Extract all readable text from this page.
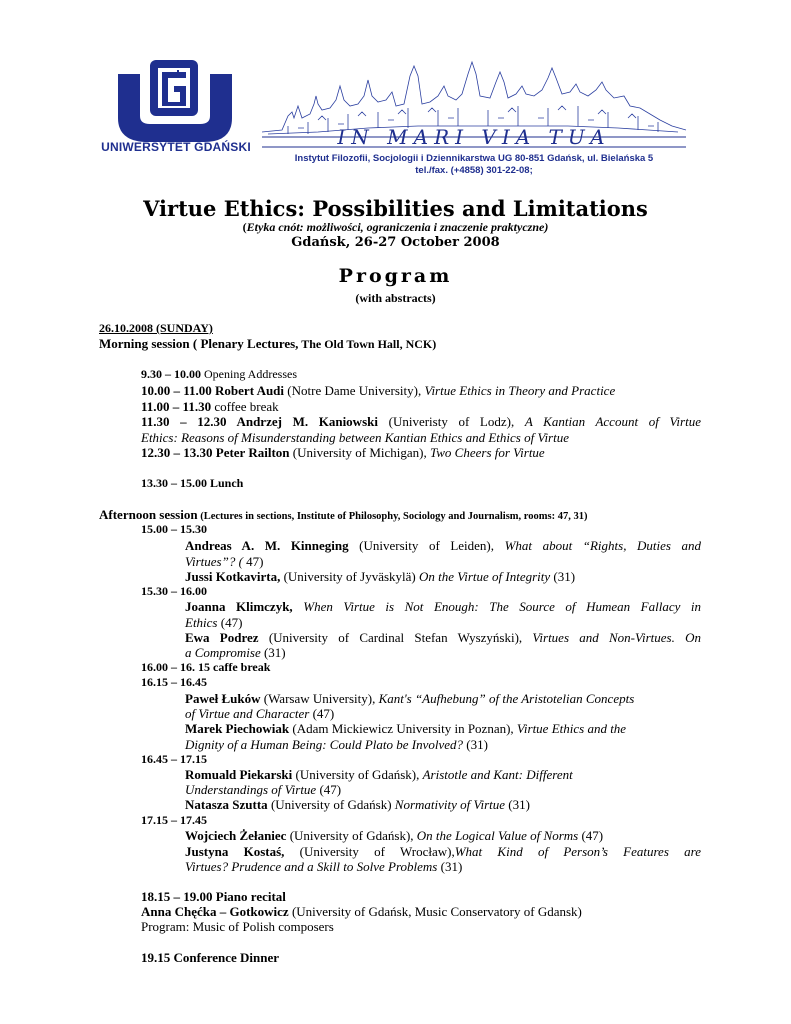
UNIWERSYTET GDAŃSKI	IN MARI VIA TUA
Instytut Filozofii, Socjologii i Dziennikarstwa UG 80-851 Gdańsk, ul. Bielańska 5
tel./fax. (+4858) 301-22-08;
Virtue Ethics: Possibilities and Limitations
(Etyka cnót: możliwości, ograniczenia i znaczenie praktyczne)
Gdańsk, 26-27 October 2008
Program
(with abstracts)
26.10.2008 (SUNDAY)
Morning session ( Plenary Lectures, The Old Town Hall, NCK)
9.30 – 10.00 Opening Addresses
10.00 – 11.00 Robert Audi (Notre Dame University), Virtue Ethics in Theory and Practice
11.00 – 11.30 coffee break
11.30 – 12.30 Andrzej M. Kaniowski (Univeristy of Lodz), A Kantian Account of Virtue
Ethics: Reasons of Misunderstanding between Kantian Ethics and Ethics of Virtue
12.30 – 13.30 Peter Railton (University of Michigan), Two Cheers for Virtue
13.30 – 15.00 Lunch
Afternoon session (Lectures in sections, Institute of Philosophy, Sociology and Journalism, rooms: 47, 31)
15.00 – 15.30
Andreas A. M. Kinneging (University of Leiden), What about “Rights, Duties and
Virtues”? ( 47)
Jussi Kotkavirta, (University of Jyväskylä) On the Virtue of Integrity (31)
15.30 – 16.00
Joanna Klimczyk, When Virtue is Not Enough: The Source of Humean Fallacy in
Ethics (47)
Ewa Podrez (University of Cardinal Stefan Wyszyński), Virtues and Non-Virtues. On
a Compromise (31)
16.00 – 16. 15 caffe break
16.15 – 16.45
Paweł Łuków (Warsaw University), Kant's “Aufhebung” of the Aristotelian Concepts
of Virtue and Character (47)
Marek Piechowiak (Adam Mickiewicz University in Poznan), Virtue Ethics and the
Dignity of a Human Being: Could Plato be Involved? (31)
16.45 – 17.15
Romuald Piekarski (University of Gdańsk), Aristotle and Kant: Different
Understandings of Virtue (47)
Natasza Szutta (University of Gdańsk) Normativity of Virtue (31)
17.15 – 17.45
Wojciech Żełaniec (University of Gdańsk), On the Logical Value of Norms (47)
Justyna Kostaś, (University of Wrocław),What Kind of Person’s Features are
Virtues? Prudence and a Skill to Solve Problems (31)
18.15 – 19.00 Piano recital
Anna Chęćka – Gotkowicz (University of Gdańsk, Music Conservatory of Gdansk)
Program: Music of Polish composers
19.15 Conference Dinner
